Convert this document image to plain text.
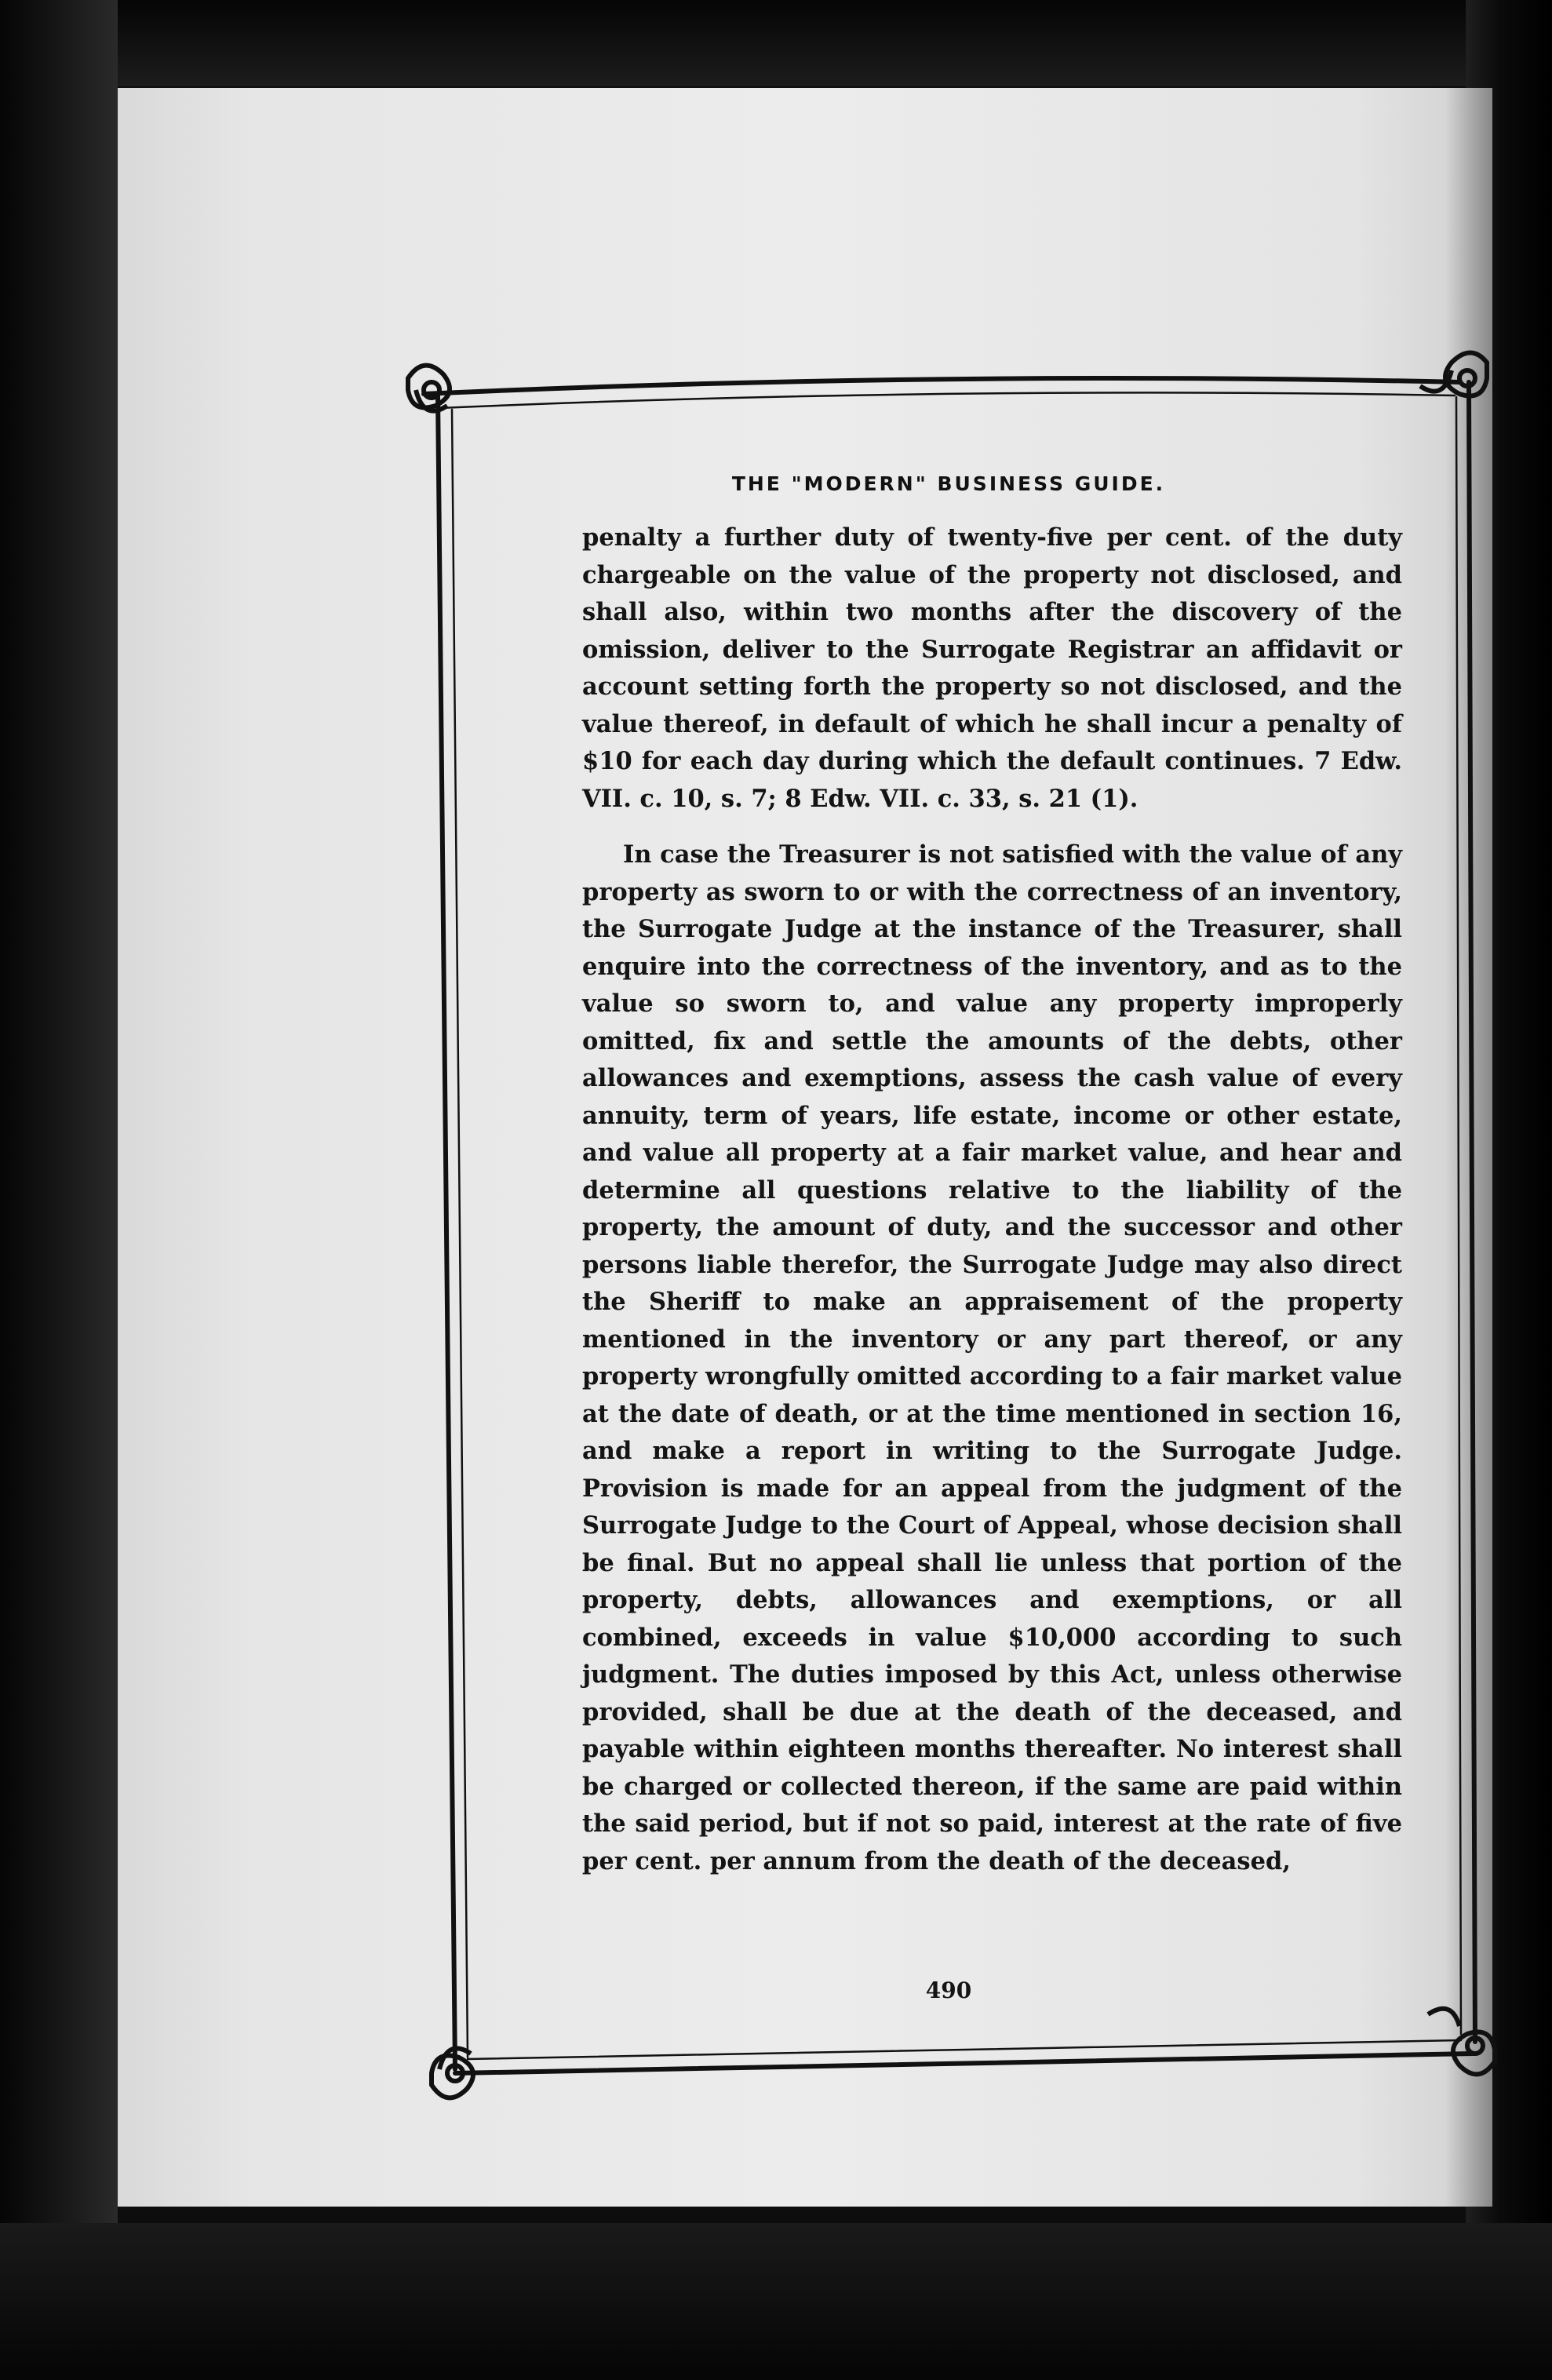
THE "MODERN" BUSINESS GUIDE.

penalty a further duty of twenty-five per cent. of the duty chargeable on the value of the property not disclosed, and shall also, within two months after the discovery of the omission, deliver to the Surrogate Registrar an affidavit or account setting forth the property so not disclosed, and the value thereof, in default of which he shall incur a penalty of $10 for each day during which the default continues. 7 Edw. VII. c. 10, s. 7; 8 Edw. VII. c. 33, s. 21 (1).

In case the Treasurer is not satisfied with the value of any property as sworn to or with the correctness of an inventory, the Surrogate Judge at the instance of the Treasurer, shall enquire into the correctness of the inventory, and as to the value so sworn to, and value any property improperly omitted, fix and settle the amounts of the debts, other allowances and exemptions, assess the cash value of every annuity, term of years, life estate, income or other estate, and value all property at a fair market value, and hear and determine all questions relative to the liability of the property, the amount of duty, and the successor and other persons liable therefor, the Surrogate Judge may also direct the Sheriff to make an appraisement of the property mentioned in the inventory or any part thereof, or any property wrongfully omitted according to a fair market value at the date of death, or at the time mentioned in section 16, and make a report in writing to the Surrogate Judge. Provision is made for an appeal from the judgment of the Surrogate Judge to the Court of Appeal, whose decision shall be final. But no appeal shall lie unless that portion of the property, debts, allowances and exemptions, or all combined, exceeds in value $10,000 according to such judgment. The duties imposed by this Act, unless otherwise provided, shall be due at the death of the deceased, and payable within eighteen months thereafter. No interest shall be charged or collected thereon, if the same are paid within the said period, but if not so paid, interest at the rate of five per cent. per annum from the death of the deceased,

490
